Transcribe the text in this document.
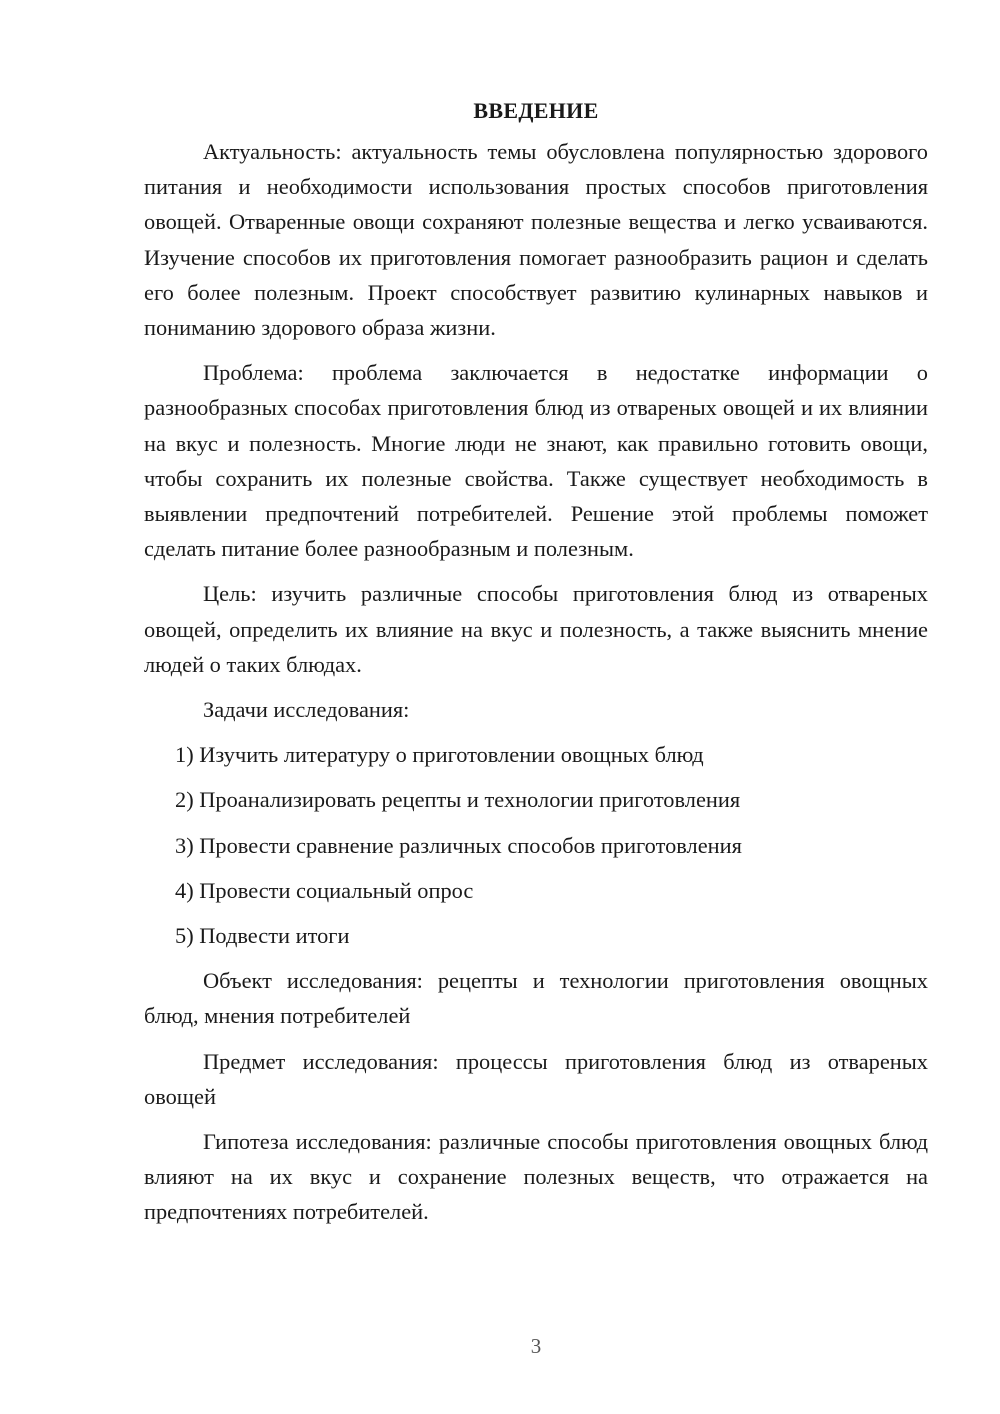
ВВЕДЕНИЕ

Актуальность: актуальность темы обусловлена популярностью здорового питания и необходимости использования простых способов приготовления овощей. Отваренные овощи сохраняют полезные вещества и легко усваиваются. Изучение способов их приготовления помогает разнообразить рацион и сделать его более полезным. Проект способствует развитию кулинарных навыков и пониманию здорового образа жизни.

Проблема: проблема заключается в недостатке информации о разнообразных способах приготовления блюд из отвареных овощей и их влиянии на вкус и полезность. Многие люди не знают, как правильно готовить овощи, чтобы сохранить их полезные свойства. Также существует необходимость в выявлении предпочтений потребителей. Решение этой проблемы поможет сделать питание более разнообразным и полезным.

Цель: изучить различные способы приготовления блюд из отвареных овощей, определить их влияние на вкус и полезность, а также выяснить мнение людей о таких блюдах.

Задачи исследования:

1) Изучить литературу о приготовлении овощных блюд
2) Проанализировать рецепты и технологии приготовления
3) Провести сравнение различных способов приготовления
4) Провести социальный опрос
5) Подвести итоги

Объект исследования: рецепты и технологии приготовления овощных блюд, мнения потребителей

Предмет исследования: процессы приготовления блюд из отвареных овощей

Гипотеза исследования: различные способы приготовления овощных блюд влияют на их вкус и сохранение полезных веществ, что отражается на предпочтениях потребителей.

3
